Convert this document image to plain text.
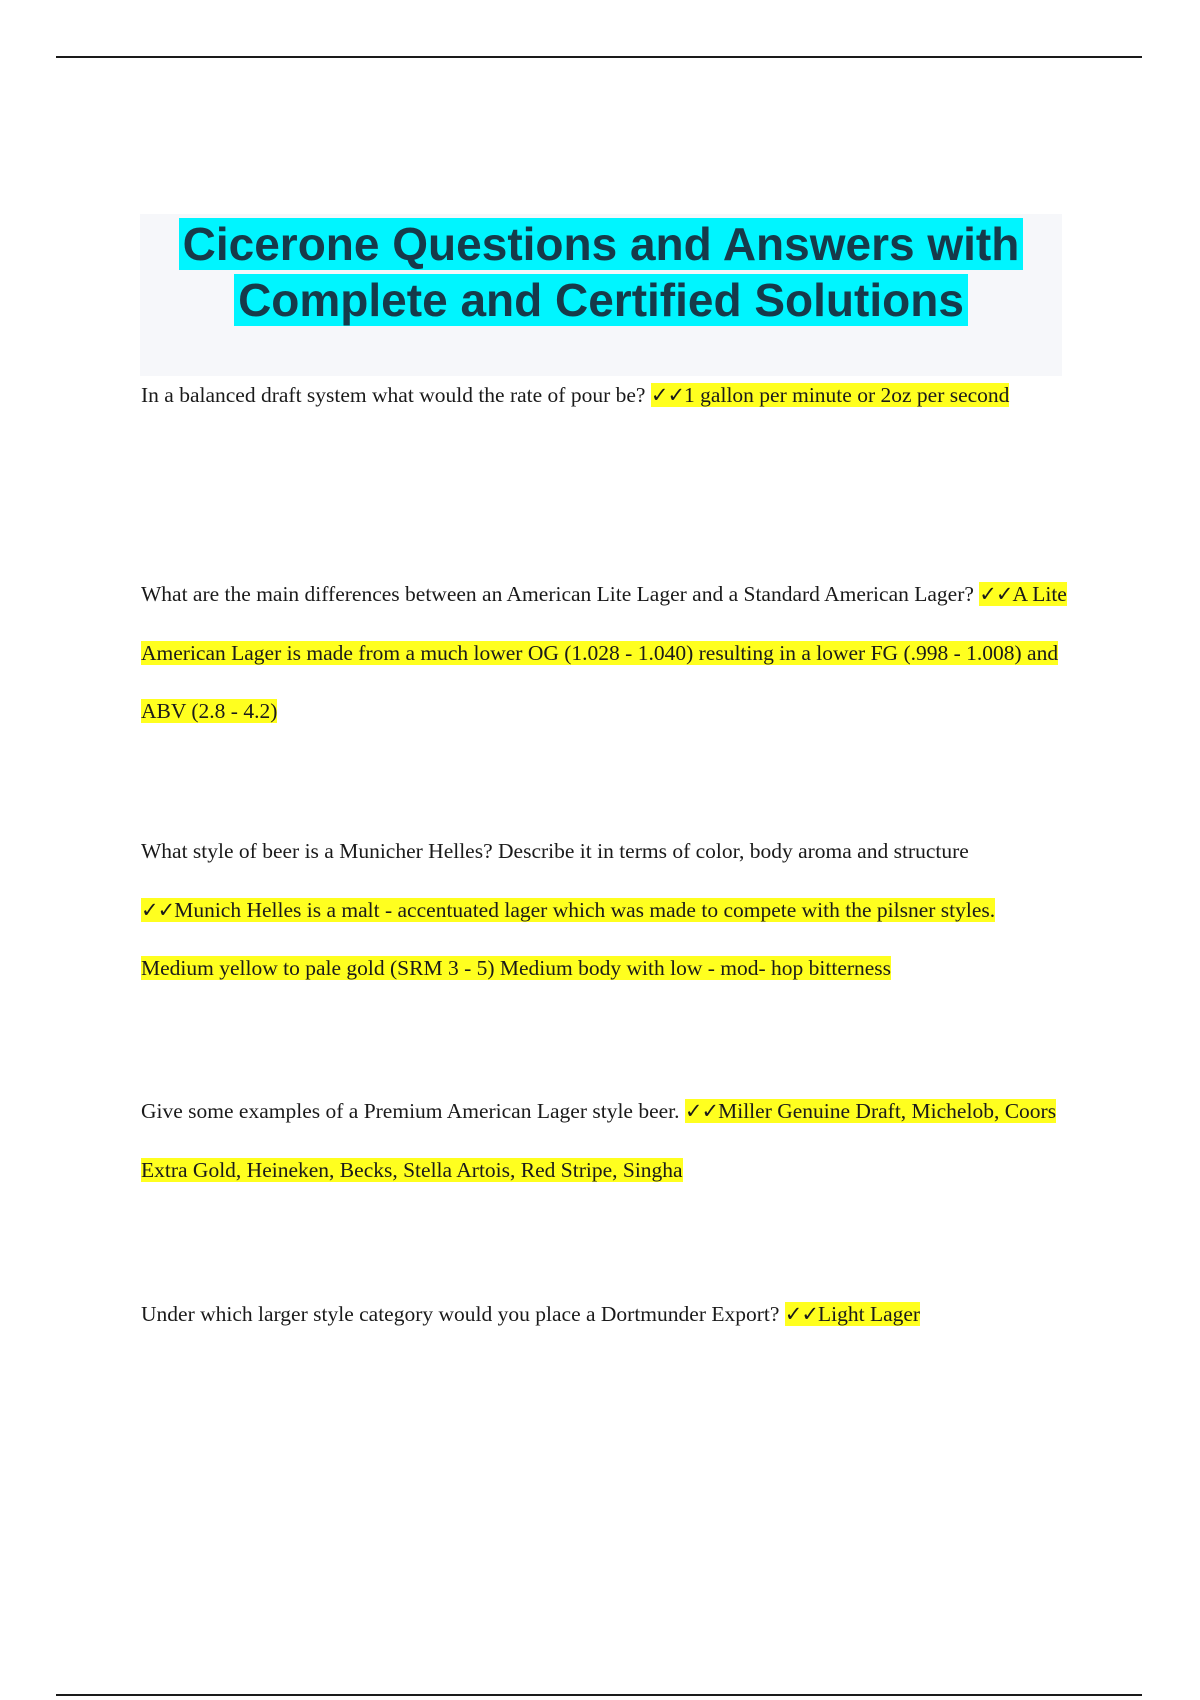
Cicerone Questions and Answers with
Complete and Certified Solutions
In a balanced draft system what would the rate of pour be? ✓✓1 gallon per minute or 2oz per second
What are the main differences between an American Lite Lager and a Standard American Lager? ✓✓A Lite American Lager is made from a much lower OG (1.028 - 1.040) resulting in a lower FG (.998 - 1.008) and ABV (2.8 - 4.2)
What style of beer is a Municher Helles? Describe it in terms of color, body aroma and structure ✓✓Munich Helles is a malt - accentuated lager which was made to compete with the pilsner styles. Medium yellow to pale gold (SRM 3 - 5) Medium body with low - mod- hop bitterness
Give some examples of a Premium American Lager style beer. ✓✓Miller Genuine Draft, Michelob, Coors Extra Gold, Heineken, Becks, Stella Artois, Red Stripe, Singha
Under which larger style category would you place a Dortmunder Export? ✓✓Light Lager
